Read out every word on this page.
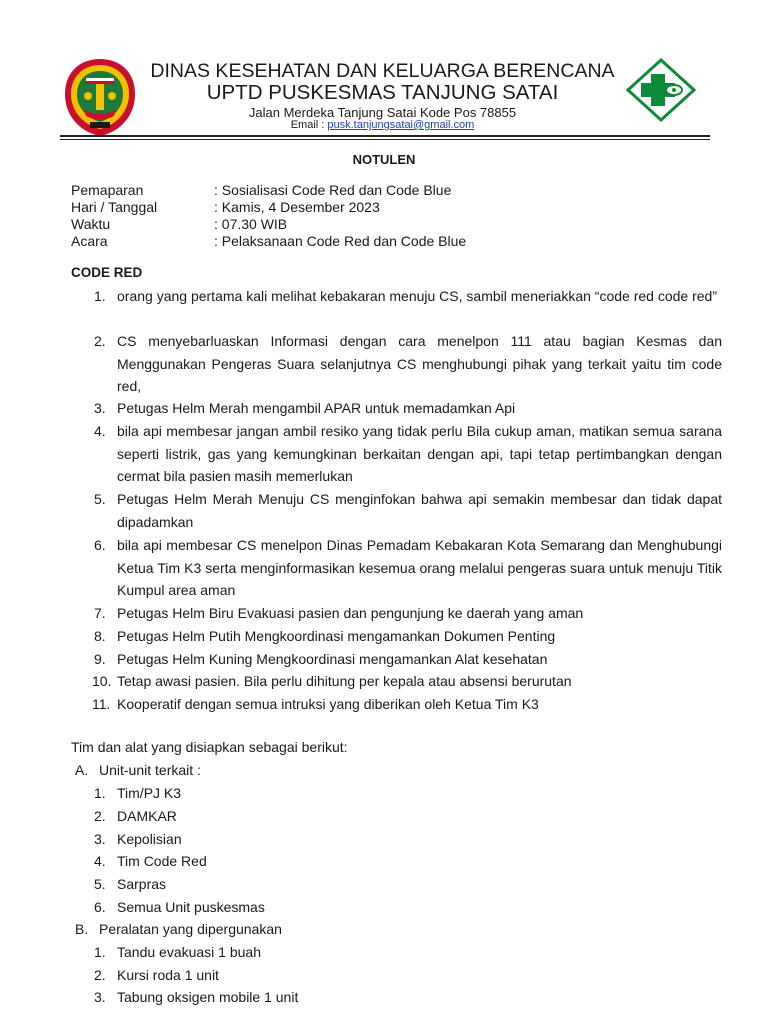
DINAS KESEHATAN DAN KELUARGA BERENCANA
UPTD PUSKESMAS TANJUNG SATAI
Jalan Merdeka Tanjung Satai Kode Pos 78855
Email : pusk.tanjungsatai@gmail.com
NOTULEN
Pemaparan	: Sosialisasi Code Red dan Code Blue
Hari / Tanggal	: Kamis, 4 Desember 2023
Waktu	: 07.30 WIB
Acara	: Pelaksanaan Code Red dan Code Blue
CODE RED
1. orang yang pertama kali melihat kebakaran menuju CS, sambil meneriakkan “code red code red”
2. CS menyebarluaskan Informasi dengan cara menelpon 111 atau bagian Kesmas dan Menggunakan Pengeras Suara selanjutnya CS menghubungi pihak yang terkait yaitu tim code red,
3. Petugas Helm Merah mengambil APAR untuk memadamkan Api
4. bila api membesar jangan ambil resiko yang tidak perlu Bila cukup aman, matikan semua sarana seperti listrik, gas yang kemungkinan berkaitan dengan api, tapi tetap pertimbangkan dengan cermat bila pasien masih memerlukan
5. Petugas Helm Merah Menuju CS menginfokan bahwa api semakin membesar dan tidak dapat dipadamkan
6. bila api membesar CS menelpon Dinas Pemadam Kebakaran Kota Semarang dan Menghubungi Ketua Tim K3 serta menginformasikan kesemua orang melalui pengeras suara untuk menuju Titik Kumpul area aman
7. Petugas Helm Biru Evakuasi pasien dan pengunjung ke daerah yang aman
8. Petugas Helm Putih Mengkoordinasi mengamankan Dokumen Penting
9. Petugas Helm Kuning Mengkoordinasi mengamankan Alat kesehatan
10. Tetap awasi pasien. Bila perlu dihitung per kepala atau absensi berurutan
11. Kooperatif dengan semua intruksi yang diberikan oleh Ketua Tim K3
Tim dan alat yang disiapkan sebagai berikut:
A. Unit-unit terkait :
1. Tim/PJ K3
2. DAMKAR
3. Kepolisian
4. Tim Code Red
5. Sarpras
6. Semua Unit puskesmas
B. Peralatan yang dipergunakan
1. Tandu evakuasi 1 buah
2. Kursi roda 1 unit
3. Tabung oksigen mobile 1 unit
